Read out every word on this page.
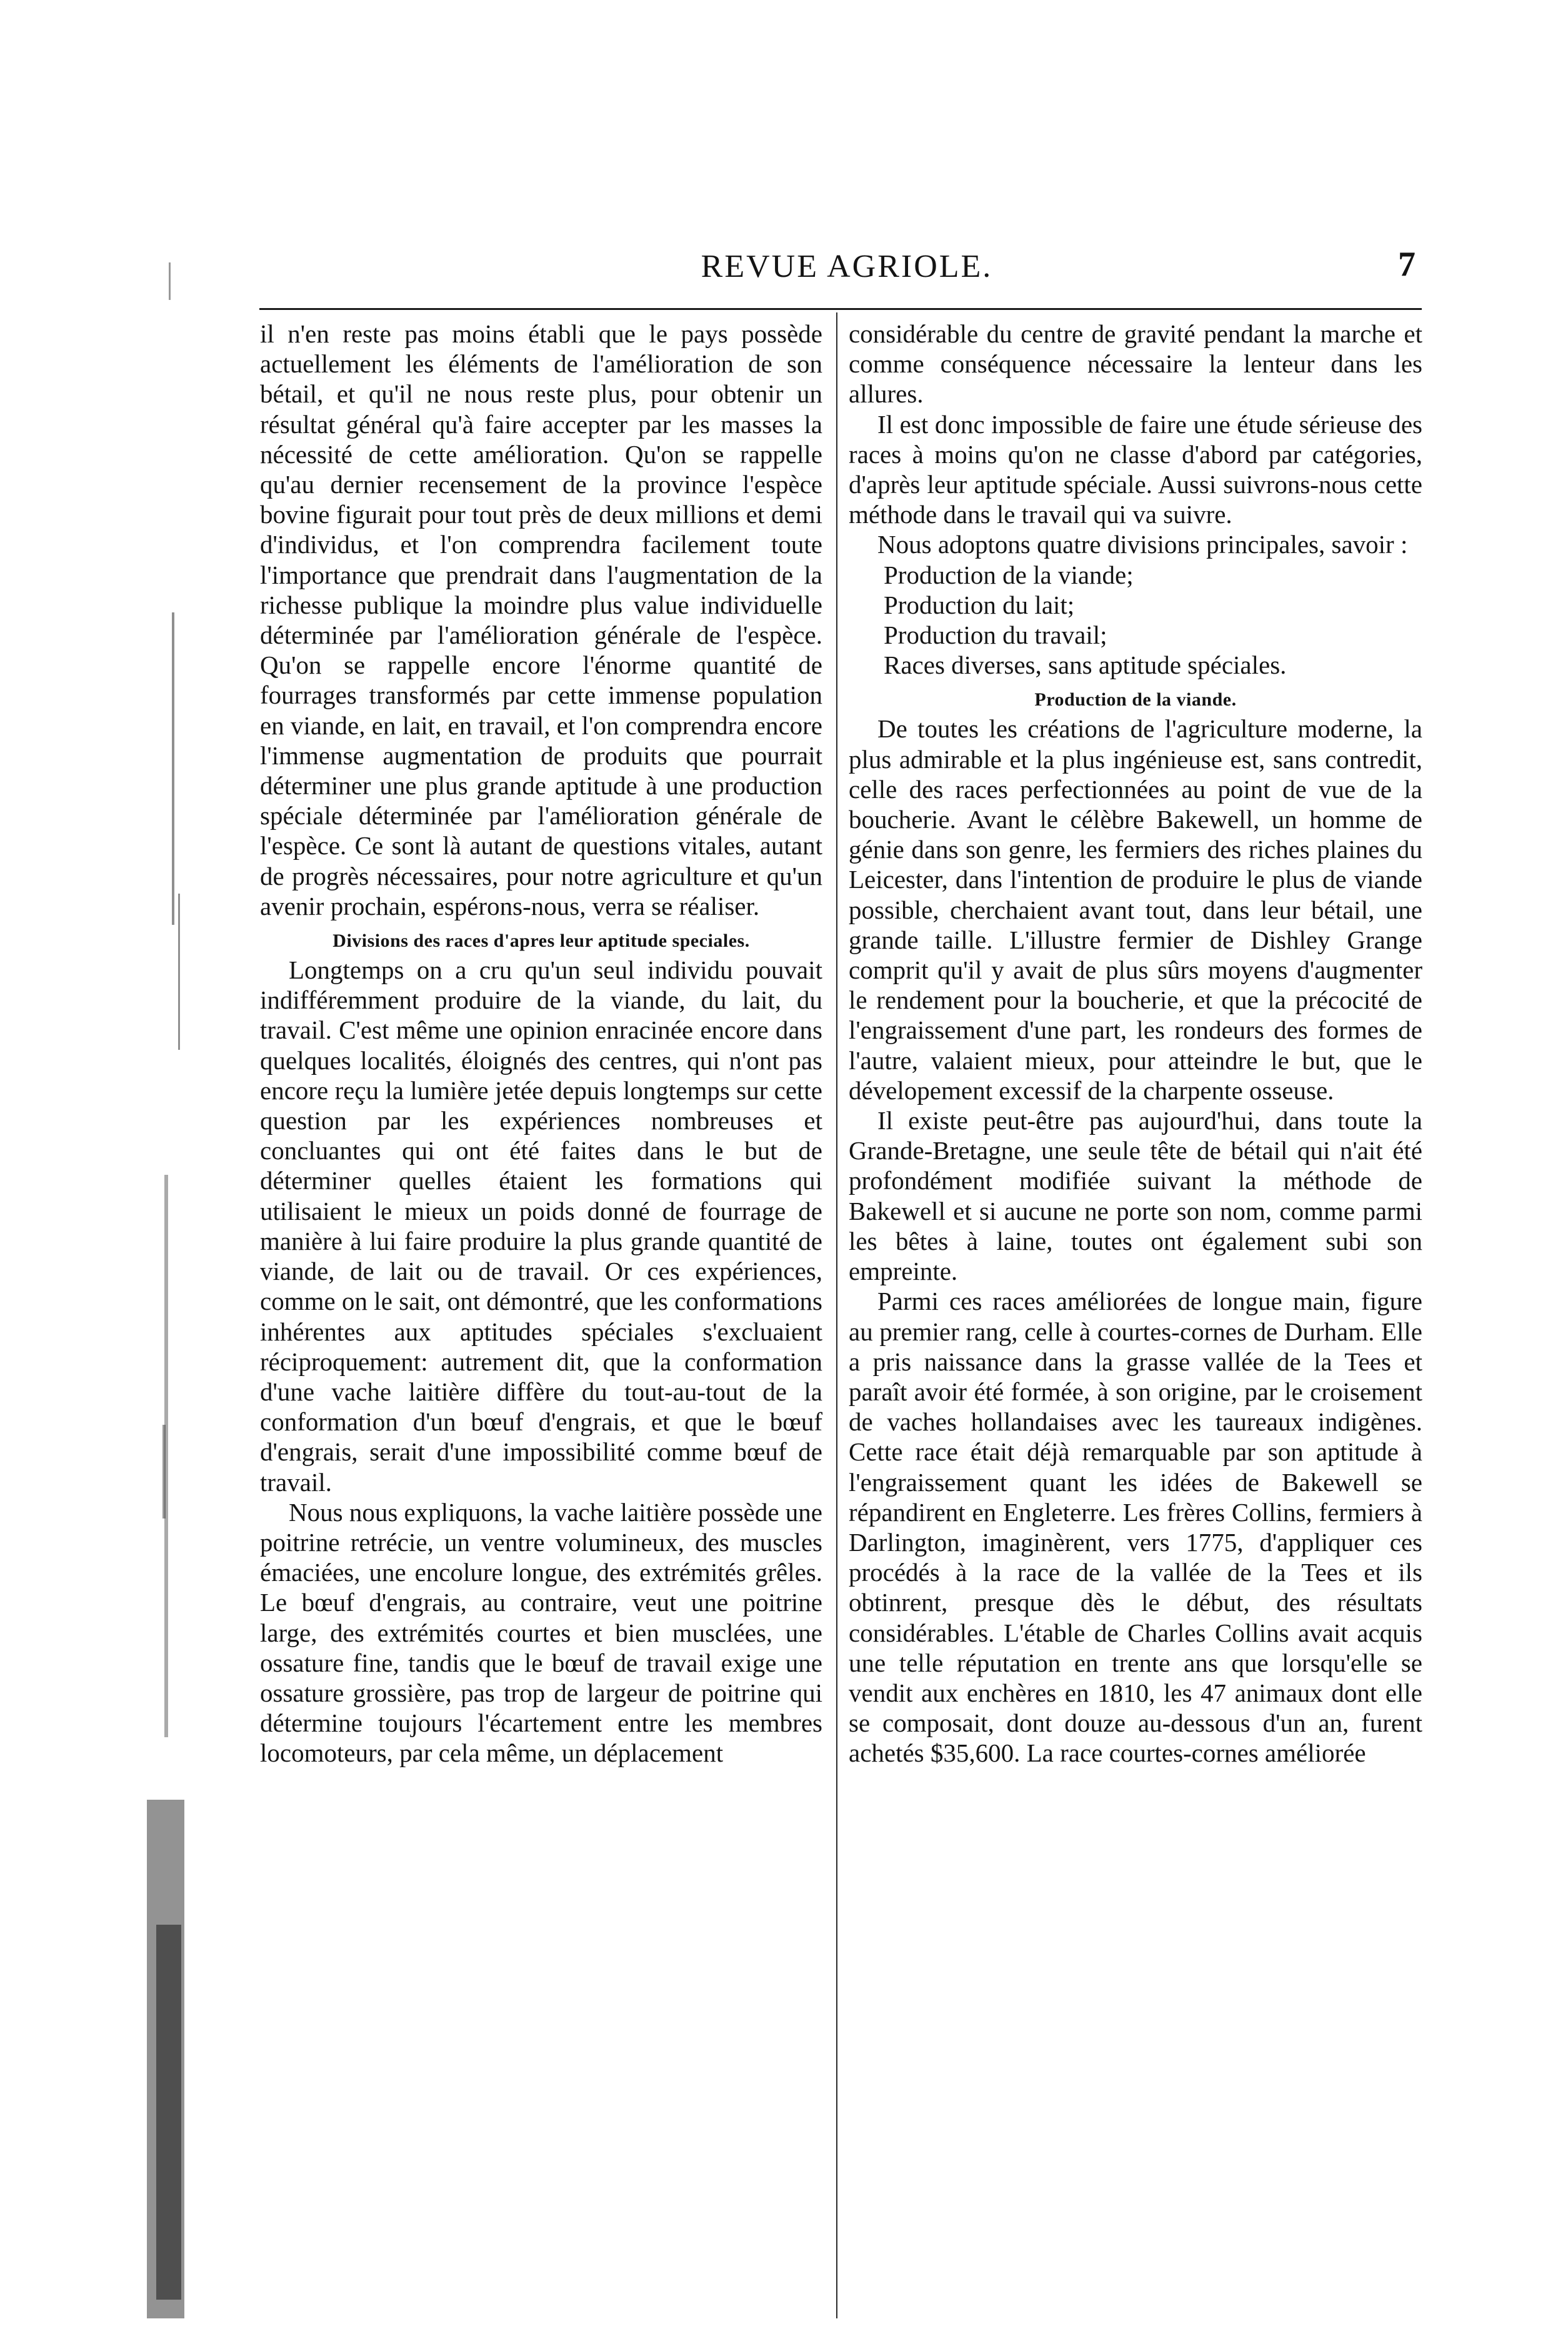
REVUE AGRIOLE.	7

il n'en reste pas moins établi que le pays possède actuellement les éléments de l'amélioration de son bétail, et qu'il ne nous reste plus, pour obtenir un résultat général qu'à faire accepter par les masses la nécessité de cette amélioration. Qu'on se rappelle qu'au dernier recensement de la province l'espèce bovine figurait pour tout près de deux millions et demi d'individus, et l'on comprendra facilement toute l'importance que prendrait dans l'augmentation de la richesse publique la moindre plus value individuelle déterminée par l'amélioration générale de l'espèce. Qu'on se rappelle encore l'énorme quantité de fourrages transformés par cette immense population en viande, en lait, en travail, et l'on comprendra encore l'immense augmentation de produits que pourrait déterminer une plus grande aptitude à une production spéciale déterminée par l'amélioration générale de l'espèce. Ce sont là autant de questions vitales, autant de progrès nécessaires, pour notre agriculture et qu'un avenir prochain, espérons-nous, verra se réaliser.

Divisions des races d'apres leur aptitude speciales.

Longtemps on a cru qu'un seul individu pouvait indifféremment produire de la viande, du lait, du travail. C'est même une opinion enracinée encore dans quelques localités, éloignés des centres, qui n'ont pas encore reçu la lumière jetée depuis longtemps sur cette question par les expériences nombreuses et concluantes qui ont été faites dans le but de déterminer quelles étaient les formations qui utilisaient le mieux un poids donné de fourrage de manière à lui faire produire la plus grande quantité de viande, de lait ou de travail. Or ces expériences, comme on le sait, ont démontré, que les conformations inhérentes aux aptitudes spéciales s'excluaient réciproquement: autrement dit, que la conformation d'une vache laitière diffère du tout-au-tout de la conformation d'un bœuf d'engrais, et que le bœuf d'engrais, serait d'une impossibilité comme bœuf de travail.

Nous nous expliquons, la vache laitière possède une poitrine retrécie, un ventre volumineux, des muscles émaciées, une encolure longue, des extrémités grêles. Le bœuf d'engrais, au contraire, veut une poitrine large, des extrémités courtes et bien musclées, une ossature fine, tandis que le bœuf de travail exige une ossature grossière, pas trop de largeur de poitrine qui détermine toujours l'écartement entre les membres locomoteurs, par cela même, un déplacement

considérable du centre de gravité pendant la marche et comme conséquence nécessaire la lenteur dans les allures.

Il est donc impossible de faire une étude sérieuse des races à moins qu'on ne classe d'abord par catégories, d'après leur aptitude spéciale. Aussi suivrons-nous cette méthode dans le travail qui va suivre.

Nous adoptons quatre divisions principales, savoir :

Production de la viande;

Production du lait;

Production du travail;

Races diverses, sans aptitude spéciales.

Production de la viande.

De toutes les créations de l'agriculture moderne, la plus admirable et la plus ingénieuse est, sans contredit, celle des races perfectionnées au point de vue de la boucherie. Avant le célèbre Bakewell, un homme de génie dans son genre, les fermiers des riches plaines du Leicester, dans l'intention de produire le plus de viande possible, cherchaient avant tout, dans leur bétail, une grande taille. L'illustre fermier de Dishley Grange comprit qu'il y avait de plus sûrs moyens d'augmenter le rendement pour la boucherie, et que la précocité de l'engraissement d'une part, les rondeurs des formes de l'autre, valaient mieux, pour atteindre le but, que le dévelopement excessif de la charpente osseuse.

Il existe peut-être pas aujourd'hui, dans toute la Grande-Bretagne, une seule tête de bétail qui n'ait été profondément modifiée suivant la méthode de Bakewell et si aucune ne porte son nom, comme parmi les bêtes à laine, toutes ont également subi son empreinte.

Parmi ces races améliorées de longue main, figure au premier rang, celle à courtes-cornes de Durham. Elle a pris naissance dans la grasse vallée de la Tees et paraît avoir été formée, à son origine, par le croisement de vaches hollandaises avec les taureaux indigènes. Cette race était déjà remarquable par son aptitude à l'engraissement quant les idées de Bakewell se répandirent en Engleterre. Les frères Collins, fermiers à Darlington, imaginèrent, vers 1775, d'appliquer ces procédés à la race de la vallée de la Tees et ils obtinrent, presque dès le début, des résultats considérables. L'étable de Charles Collins avait acquis une telle réputation en trente ans que lorsqu'elle se vendit aux enchères en 1810, les 47 animaux dont elle se composait, dont douze au-dessous d'un an, furent achetés $35,600. La race courtes-cornes améliorée
